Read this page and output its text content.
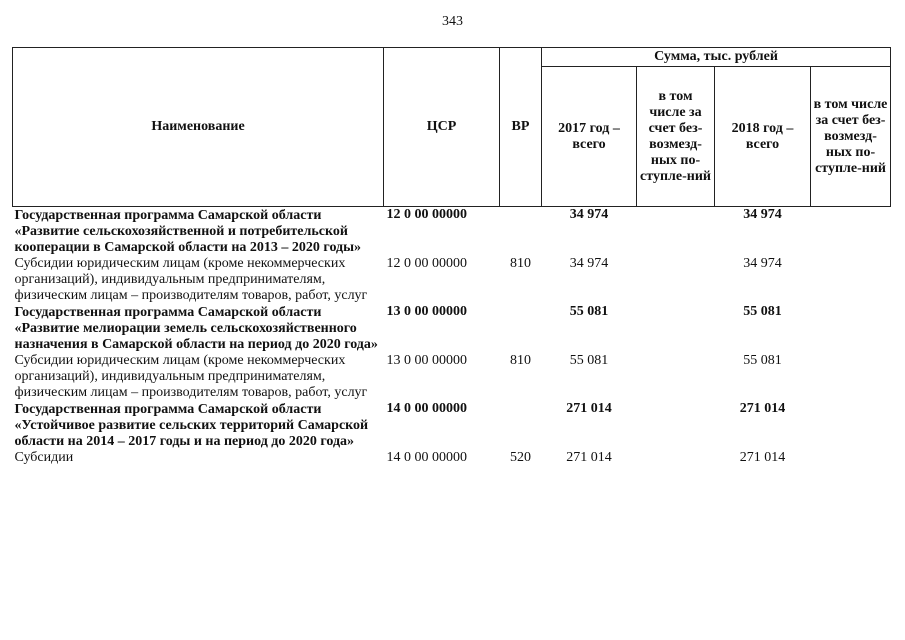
343
Наименование	ЦСР	ВР	Сумма, тыс. рублей			
			2017 год – всего	в том числе за счет без-возмезд-ных по-ступле-ний	2018 год – всего	в том числе за счет без-возмезд-ных по-ступле-ний
Государственная программа Самарской области «Развитие сельскохозяйственной и потребительской кооперации в Самарской области на 2013 – 2020 годы»	12 0 00 00000		34 974		34 974	
Субсидии юридическим лицам (кроме некоммерческих организаций), индивидуальным предпринимателям, физическим лицам – производителям товаров, работ, услуг	12 0 00 00000	810	34 974		34 974	
Государственная программа Самарской области «Развитие мелиорации земель сельскохозяйственного назначения в Самарской области на период до 2020 года»	13 0 00 00000		55 081		55 081	
Субсидии юридическим лицам (кроме некоммерческих организаций), индивидуальным предпринимателям, физическим лицам – производителям товаров, работ, услуг	13 0 00 00000	810	55 081		55 081	
Государственная программа Самарской области «Устойчивое развитие сельских территорий Самарской области на 2014 – 2017 годы и на период до 2020 года»	14 0 00 00000		271 014		271 014	
Субсидии	14 0 00 00000	520	271 014		271 014	
